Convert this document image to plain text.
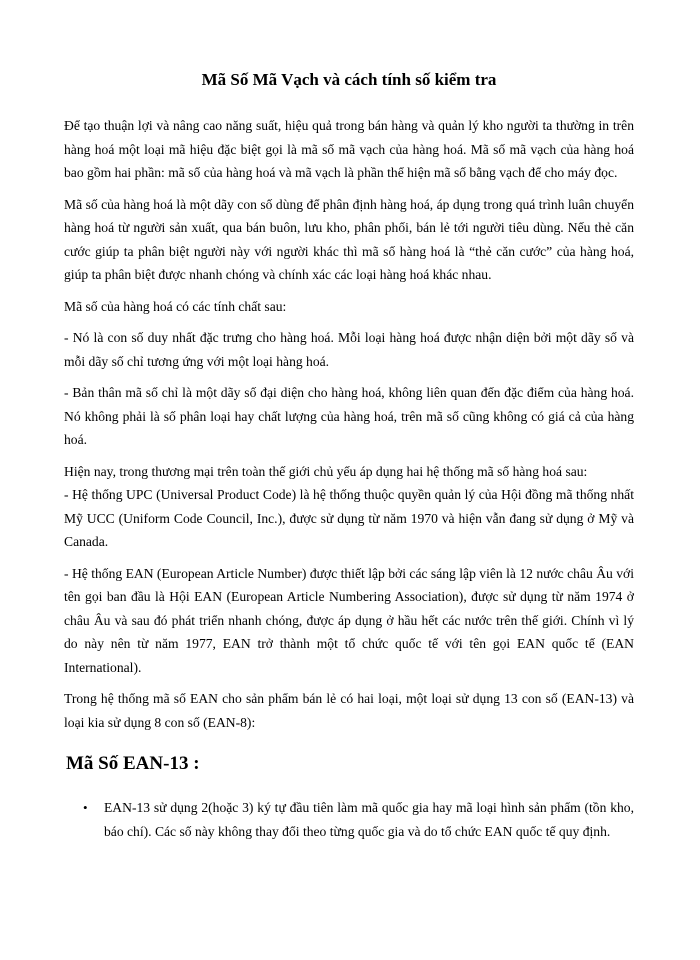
Mã Số Mã Vạch và cách tính số kiểm tra

Để tạo thuận lợi và nâng cao năng suất, hiệu quả trong bán hàng và quản lý kho người ta thường in trên hàng hoá một loại mã hiệu đặc biệt gọi là mã số mã vạch của hàng hoá. Mã số mã vạch của hàng hoá bao gồm hai phần: mã số của hàng hoá và mã vạch là phần thể hiện mã số bằng vạch để cho máy đọc.

Mã số của hàng hoá là một dãy con số dùng để phân định hàng hoá, áp dụng trong quá trình luân chuyển hàng hoá từ người sản xuất, qua bán buôn, lưu kho, phân phối, bán lẻ tới người tiêu dùng. Nếu thẻ căn cước giúp ta phân biệt người này với người khác thì mã số hàng hoá là “thẻ căn cước” của hàng hoá, giúp ta phân biệt được nhanh chóng và chính xác các loại hàng hoá khác nhau.

Mã số của hàng hoá có các tính chất sau:

- Nó là con số duy nhất đặc trưng cho hàng hoá. Mỗi loại hàng hoá được nhận diện bởi một dãy số và mỗi dãy số chỉ tương ứng với một loại hàng hoá.

- Bản thân mã số chỉ là một dãy số đại diện cho hàng hoá, không liên quan đến đặc điểm của hàng hoá. Nó không phải là số phân loại hay chất lượng của hàng hoá, trên mã số cũng không có giá cả của hàng hoá.

Hiện nay, trong thương mại trên toàn thế giới chủ yếu áp dụng hai hệ thống mã số hàng hoá sau:

- Hệ thống UPC (Universal Product Code) là hệ thống thuộc quyền quản lý của Hội đồng mã thống nhất Mỹ UCC (Uniform Code Council, Inc.), được sử dụng từ năm 1970 và hiện vẫn đang sử dụng ở Mỹ và Canada.

- Hệ thống EAN (European Article Number) được thiết lập bởi các sáng lập viên là 12 nước châu Âu với tên gọi ban đầu là Hội EAN (European Article Numbering Association), được sử dụng từ năm 1974 ở châu Âu và sau đó phát triển nhanh chóng, được áp dụng ở hầu hết các nước trên thế giới. Chính vì lý do này nên từ năm 1977, EAN trở thành một tổ chức quốc tế với tên gọi EAN quốc tế (EAN International).

Trong hệ thống mã số EAN cho sản phẩm bán lẻ có hai loại, một loại sử dụng 13 con số (EAN-13) và loại kia sử dụng 8 con số (EAN-8):

Mã Số EAN-13 :
• EAN-13 sử dụng 2(hoặc 3) ký tự đầu tiên làm mã quốc gia hay mã loại hình sản phẩm (tồn kho, báo chí). Các số này không thay đổi theo từng quốc gia và do tổ chức EAN quốc tế quy định.
